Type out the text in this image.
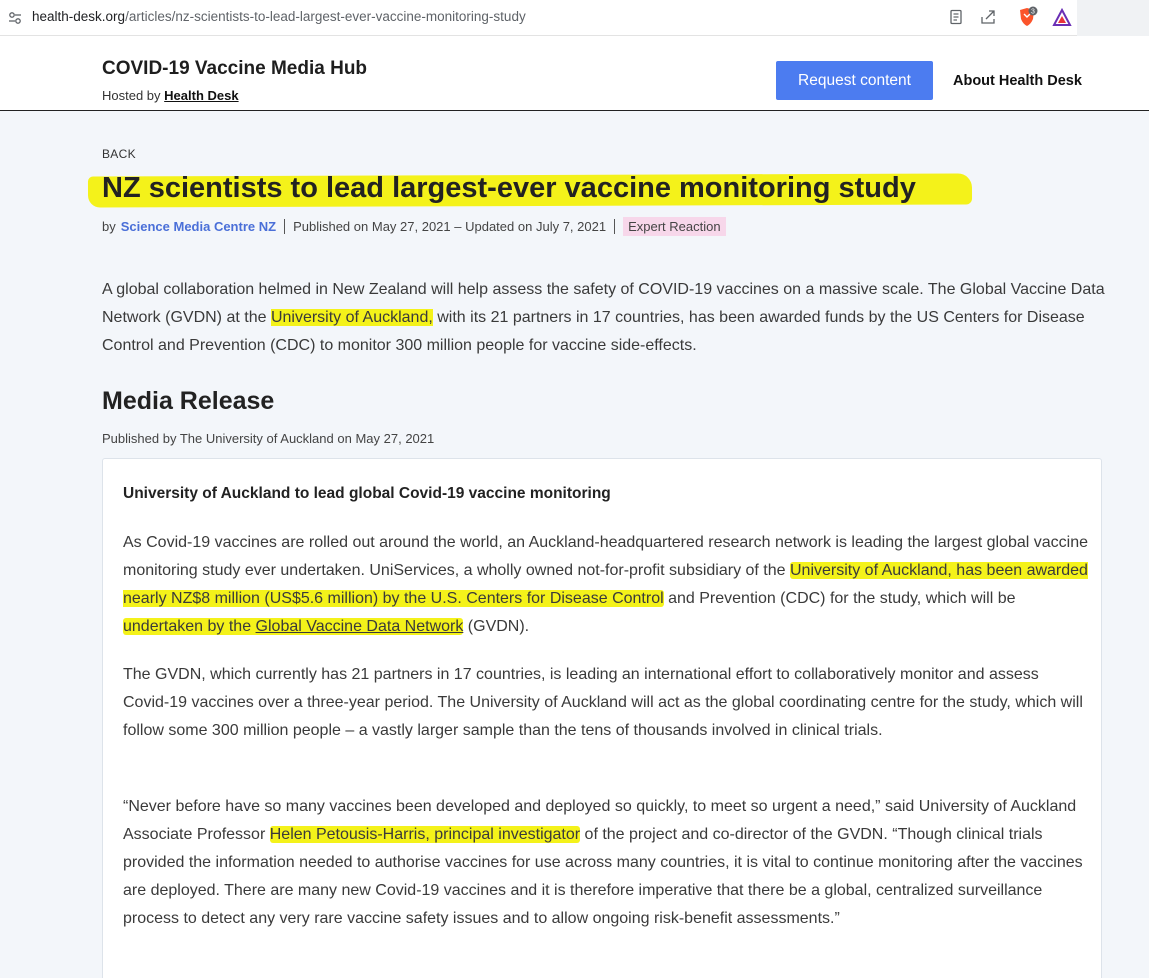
health-desk.org/articles/nz-scientists-to-lead-largest-ever-vaccine-monitoring-study	3
COVID-19 Vaccine Media Hub
Hosted by Health Desk
Request content	About Health Desk
BACK
NZ scientists to lead largest-ever vaccine monitoring study
by Science Media Centre NZ Published on
May 27, 2021
– Updated on
July 7, 2021	Expert Reaction

A global collaboration helmed in New Zealand will help assess the safety of COVID-19 vaccines on a massive scale. The Global Vaccine Data Network (GVDN) at the University of Auckland, with its 21 partners in 17 countries, has been awarded funds by the US Centers for Disease Control and Prevention (CDC) to monitor 300 million people for vaccine side-effects.

Media Release
Published by The University of Auckland on May 27, 2021
University of Auckland to lead global Covid-19 vaccine monitoring

As Covid-19 vaccines are rolled out around the world, an Auckland-headquartered research network is leading the largest global vaccine monitoring study ever undertaken. UniServices, a wholly owned not-for-profit subsidiary of the University of Auckland, has been awarded nearly NZ$8 million (US$5.6 million) by the U.S. Centers for Disease Control and Prevention (CDC) for the study, which will be undertaken by the Global Vaccine Data Network (GVDN).

The GVDN, which currently has 21 partners in 17 countries, is leading an international effort to collaboratively monitor and assess Covid-19 vaccines over a three-year period. The University of Auckland will act as the global coordinating centre for the study, which will follow some 300 million people – a vastly larger sample than the tens of thousands involved in clinical trials.

“Never before have so many vaccines been developed and deployed so quickly, to meet so urgent a need,” said University of Auckland Associate Professor Helen Petousis-Harris, principal investigator of the project and co-director of the GVDN. “Though clinical trials provided the information needed to authorise vaccines for use across many countries, it is vital to continue monitoring after the vaccines are deployed. There are many new Covid-19 vaccines and it is therefore imperative that there be a global, centralized surveillance process to detect any very rare vaccine safety issues and to allow ongoing risk-benefit assessments.”
